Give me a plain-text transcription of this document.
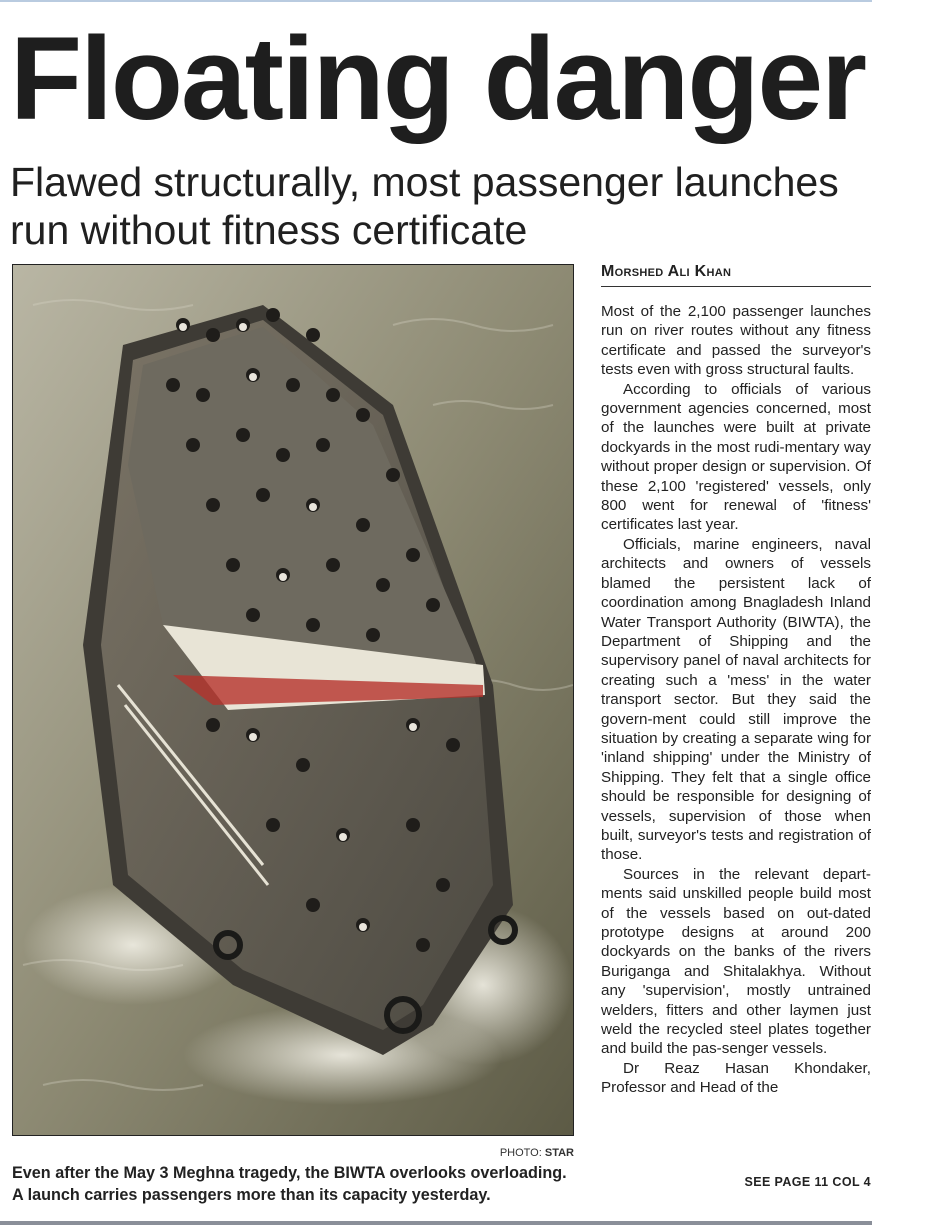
Floating danger
Flawed structurally, most passenger launches run without fitness certificate
PHOTO: STAR
Even after the May 3 Meghna tragedy, the BIWTA overlooks overloading. A launch carries passengers more than its capacity yesterday.
Morshed Ali Khan

Most of the 2,100 passenger launches run on river routes without any fitness certificate and passed the surveyor's tests even with gross structural faults.

According to officials of various government agencies concerned, most of the launches were built at private dockyards in the most rudi-mentary way without proper design or supervision. Of these 2,100 'registered' vessels, only 800 went for renewal of 'fitness' certificates last year.

Officials, marine engineers, naval architects and owners of vessels blamed the persistent lack of coordination among Bnagladesh Inland Water Transport Authority (BIWTA), the Department of Shipping and the supervisory panel of naval architects for creating such a 'mess' in the water transport sector. But they said the govern-ment could still improve the situation by creating a separate wing for 'inland shipping' under the Ministry of Shipping. They felt that a single office should be responsible for designing of vessels, supervision of those when built, surveyor's tests and registration of those.

Sources in the relevant depart-ments said unskilled people build most of the vessels based on out-dated prototype designs at around 200 dockyards on the banks of the rivers Buriganga and Shitalakhya. Without any 'supervision', mostly untrained welders, fitters and other laymen just weld the recycled steel plates together and build the pas-senger vessels.

Dr Reaz Hasan Khondaker, Professor and Head of the

SEE PAGE 11 COL 4
